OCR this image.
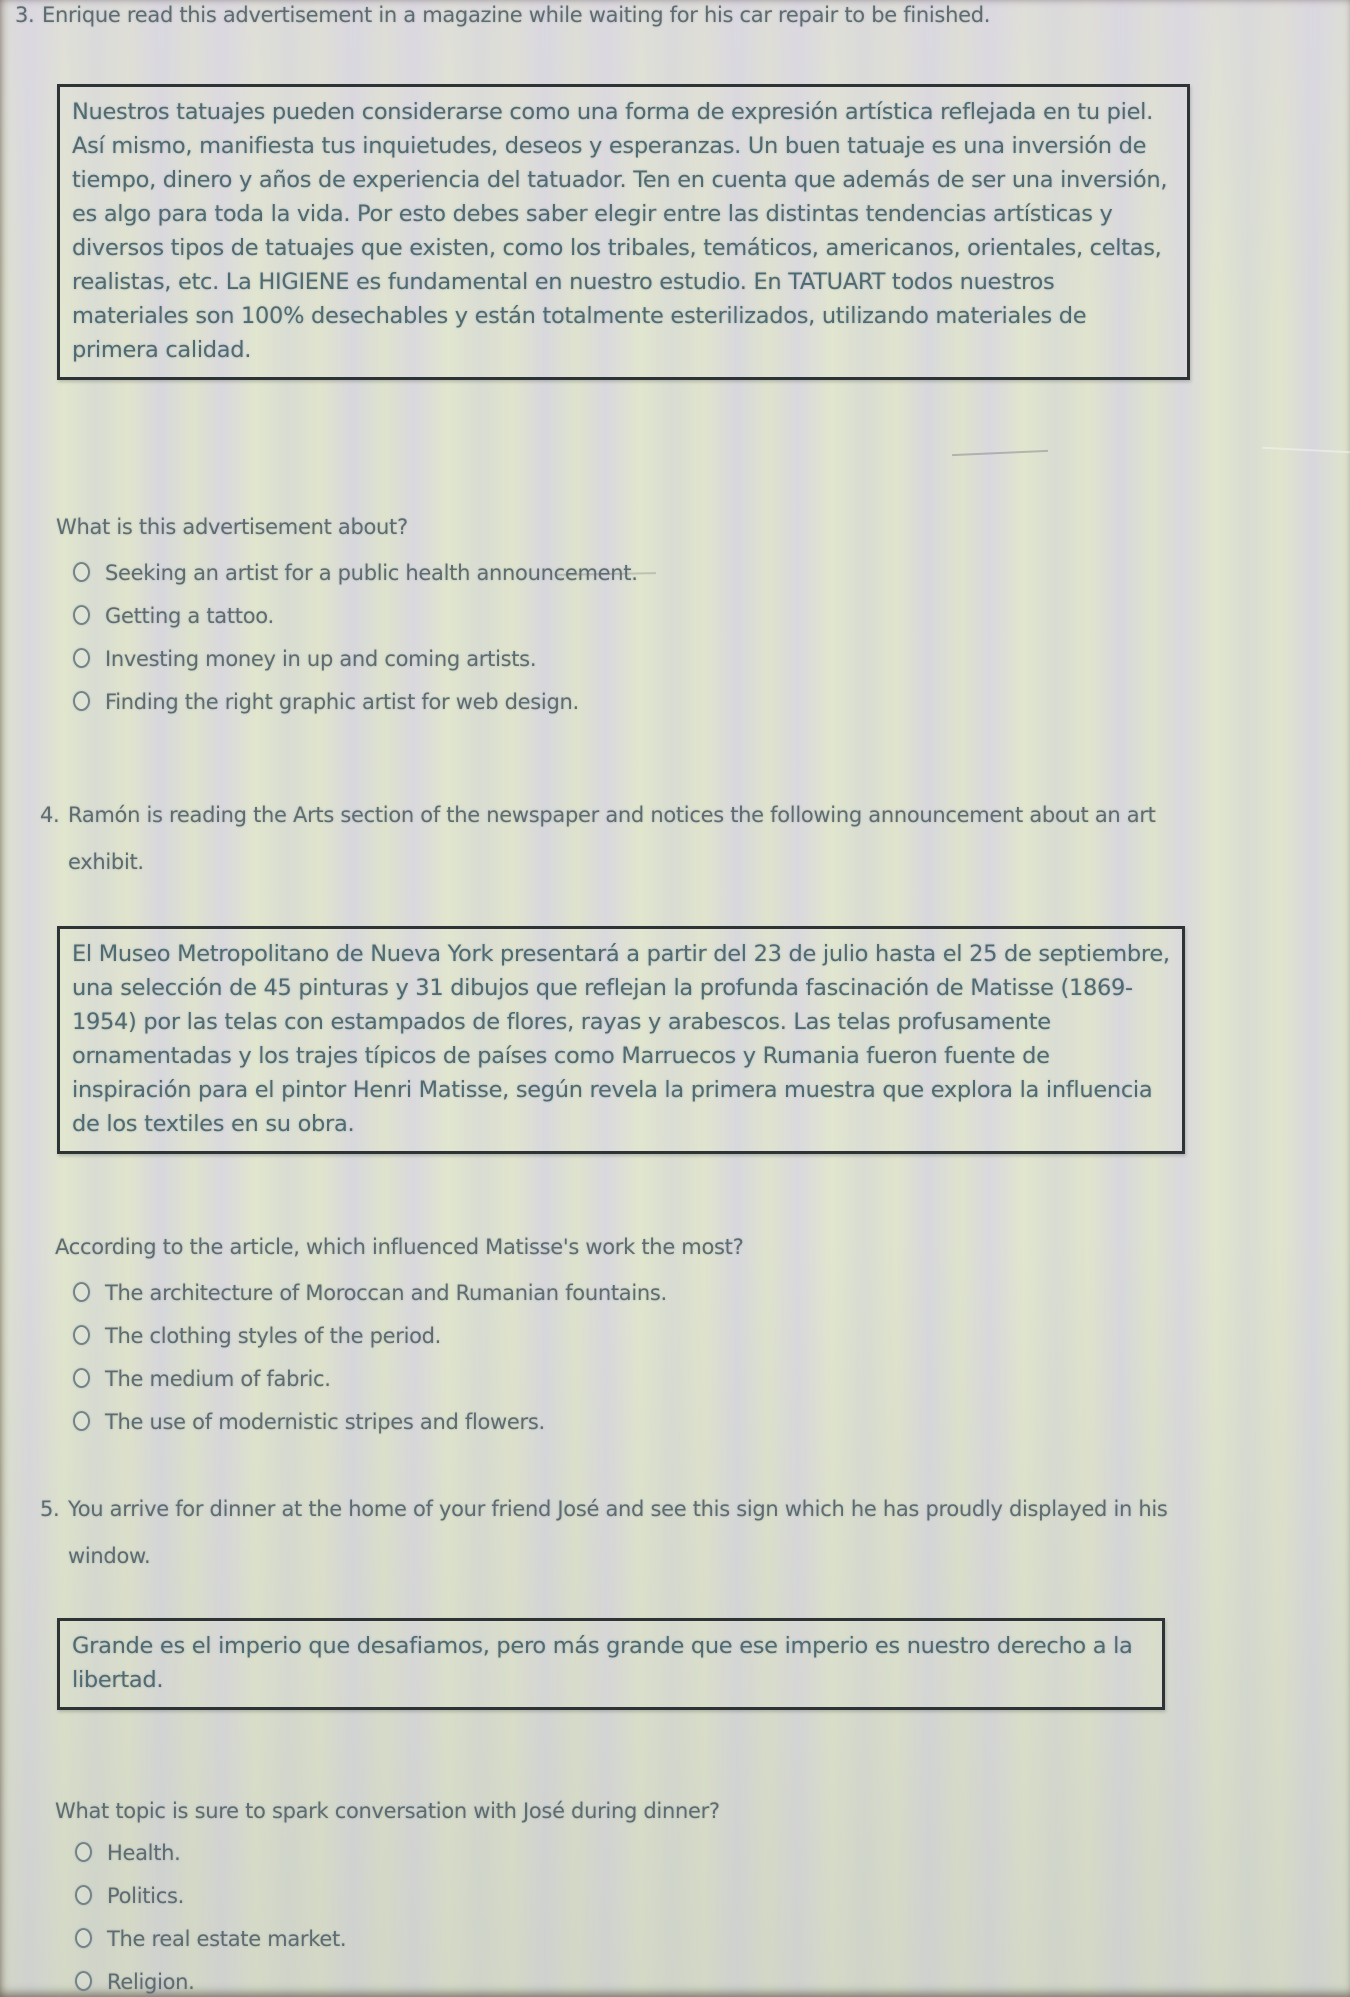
3. Enrique read this advertisement in a magazine while waiting for his car repair to be finished.

Nuestros tatuajes pueden considerarse como una forma de expresión artística reflejada en tu piel. Así mismo, manifiesta tus inquietudes, deseos y esperanzas. Un buen tatuaje es una inversión de tiempo, dinero y años de experiencia del tatuador. Ten en cuenta que además de ser una inversión, es algo para toda la vida. Por esto debes saber elegir entre las distintas tendencias artísticas y diversos tipos de tatuajes que existen, como los tribales, temáticos, americanos, orientales, celtas, realistas, etc. La HIGIENE es fundamental en nuestro estudio. En TATUART todos nuestros materiales son 100% desechables y están totalmente esterilizados, utilizando materiales de primera calidad.

What is this advertisement about?

Seeking an artist for a public health announcement.
Getting a tattoo.
Investing money in up and coming artists.
Finding the right graphic artist for web design.

4. Ramón is reading the Arts section of the newspaper and notices the following announcement about an art exhibit.

El Museo Metropolitano de Nueva York presentará a partir del 23 de julio hasta el 25 de septiembre, una selección de 45 pinturas y 31 dibujos que reflejan la profunda fascinación de Matisse (1869-1954) por las telas con estampados de flores, rayas y arabescos. Las telas profusamente ornamentadas y los trajes típicos de países como Marruecos y Rumania fueron fuente de inspiración para el pintor Henri Matisse, según revela la primera muestra que explora la influencia de los textiles en su obra.

According to the article, which influenced Matisse's work the most?

The architecture of Moroccan and Rumanian fountains.
The clothing styles of the period.
The medium of fabric.
The use of modernistic stripes and flowers.

5. You arrive for dinner at the home of your friend José and see this sign which he has proudly displayed in his window.

Grande es el imperio que desafiamos, pero más grande que ese imperio es nuestro derecho a la libertad.

What topic is sure to spark conversation with José during dinner?

Health.
Politics.
The real estate market.
Religion.
